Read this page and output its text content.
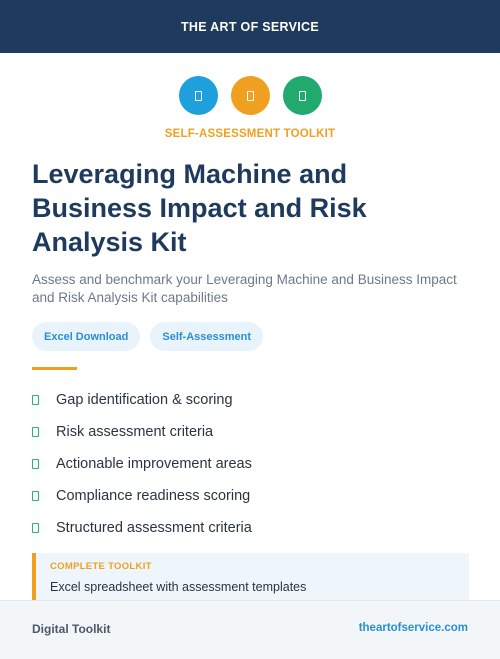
THE ART OF SERVICE
SELF-ASSESSMENT TOOLKIT
Leveraging Machine and Business Impact and Risk Analysis Kit

Assess and benchmark your Leveraging Machine and Business Impact and Risk Analysis Kit capabilities

Excel Download	Self-Assessment
Gap identification & scoring
Risk assessment criteria
Actionable improvement areas
Compliance readiness scoring
Structured assessment criteria
COMPLETE TOOLKIT
Excel spreadsheet with assessment templates
Digital Toolkit	theartofservice.com
